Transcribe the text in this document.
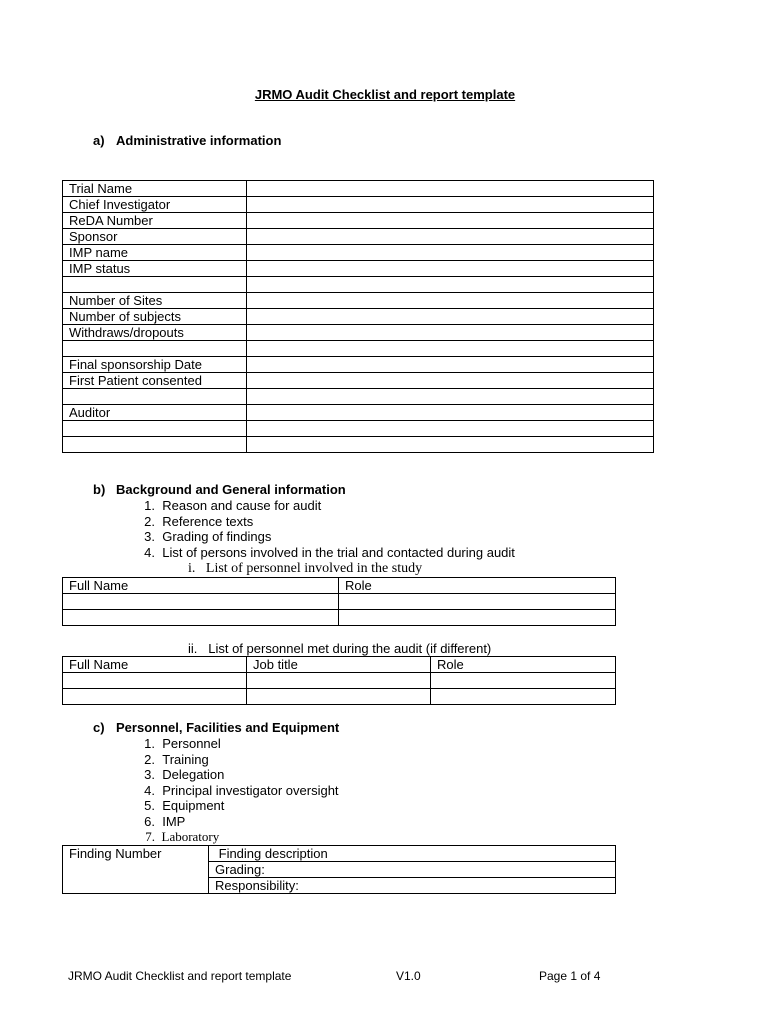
JRMO Audit Checklist and report template
a) Administrative information
Trial Name	
Chief Investigator	
ReDA Number	
Sponsor	
IMP name	
IMP status	

Number of Sites	
Number of subjects	
Withdraws/dropouts	

Final sponsorship Date	
First Patient consented	

Auditor	

b) Background and General information
1. Reason and cause for audit
2. Reference texts
3. Grading of findings
4. List of persons involved in the trial and contacted during audit
i. List of personnel involved in the study
Full Name	Role

ii. List of personnel met during the audit (if different)
Full Name	Job title	Role

c) Personnel, Facilities and Equipment
1. Personnel
2. Training
3. Delegation
4. Principal investigator oversight
5. Equipment
6. IMP
7. Laboratory
Finding Number	Finding description
Grading:
Responsibility:
JRMO Audit Checklist and report template	V1.0	Page 1 of 4
